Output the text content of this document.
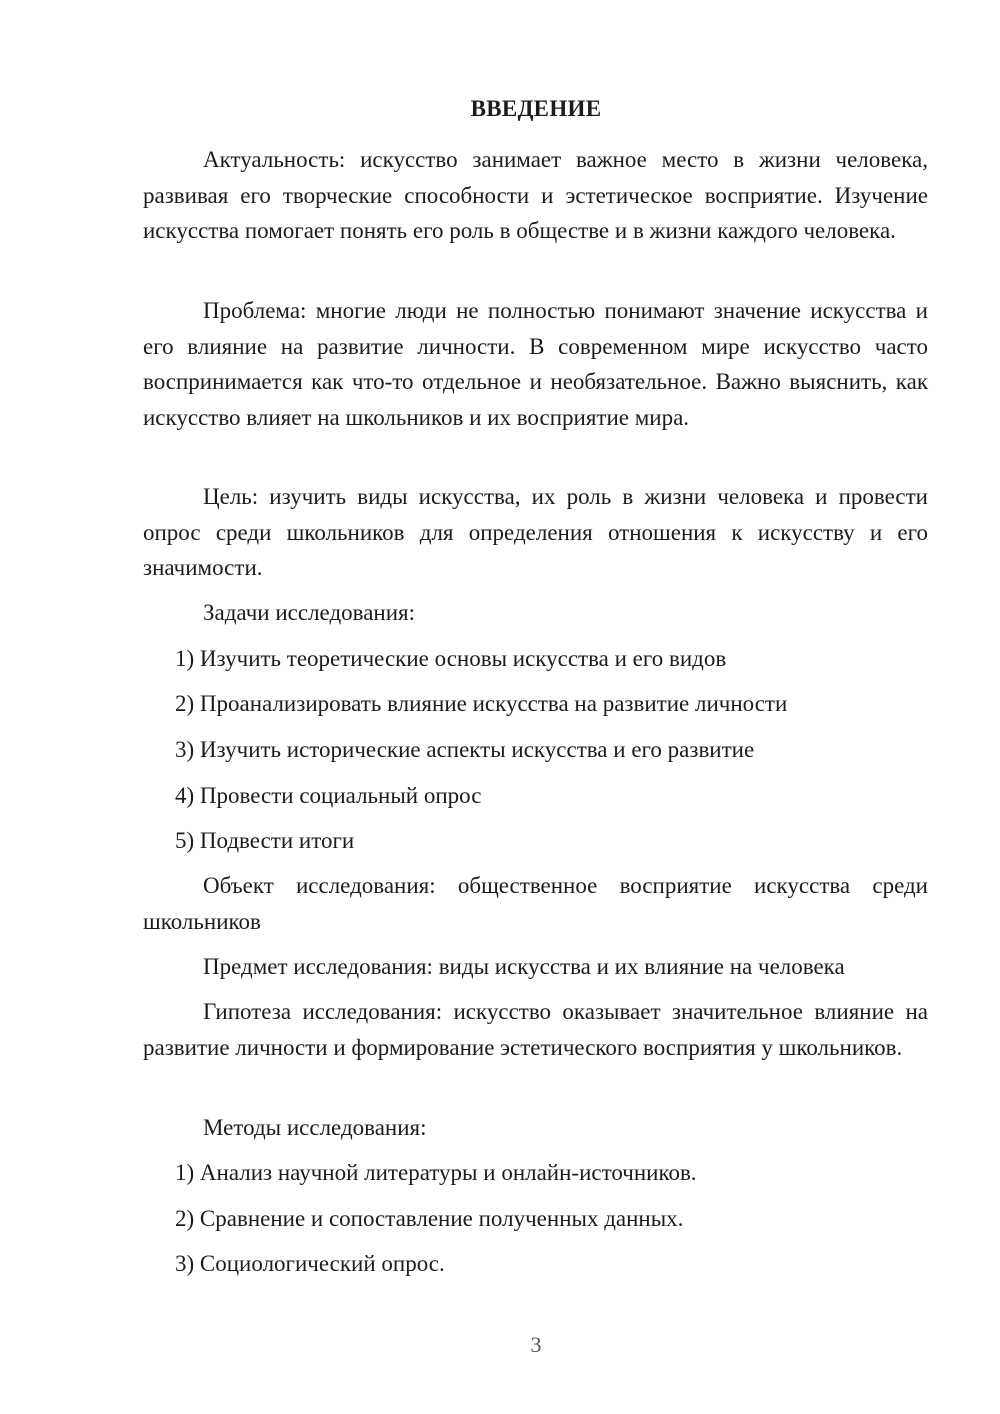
ВВЕДЕНИЕ
Актуальность: искусство занимает важное место в жизни человека, развивая его творческие способности и эстетическое восприятие. Изучение искусства помогает понять его роль в обществе и в жизни каждого человека.
Проблема: многие люди не полностью понимают значение искусства и его влияние на развитие личности. В современном мире искусство часто воспринимается как что-то отдельное и необязательное. Важно выяснить, как искусство влияет на школьников и их восприятие мира.
Цель: изучить виды искусства, их роль в жизни человека и провести опрос среди школьников для определения отношения к искусству и его значимости.
Задачи исследования:
1) Изучить теоретические основы искусства и его видов
2) Проанализировать влияние искусства на развитие личности
3) Изучить исторические аспекты искусства и его развитие
4) Провести социальный опрос
5) Подвести итоги
Объект исследования: общественное восприятие искусства среди школьников
Предмет исследования: виды искусства и их влияние на человека
Гипотеза исследования: искусство оказывает значительное влияние на развитие личности и формирование эстетического восприятия у школьников.
Методы исследования:
1) Анализ научной литературы и онлайн-источников.
2) Сравнение и сопоставление полученных данных.
3) Социологический опрос.
3
